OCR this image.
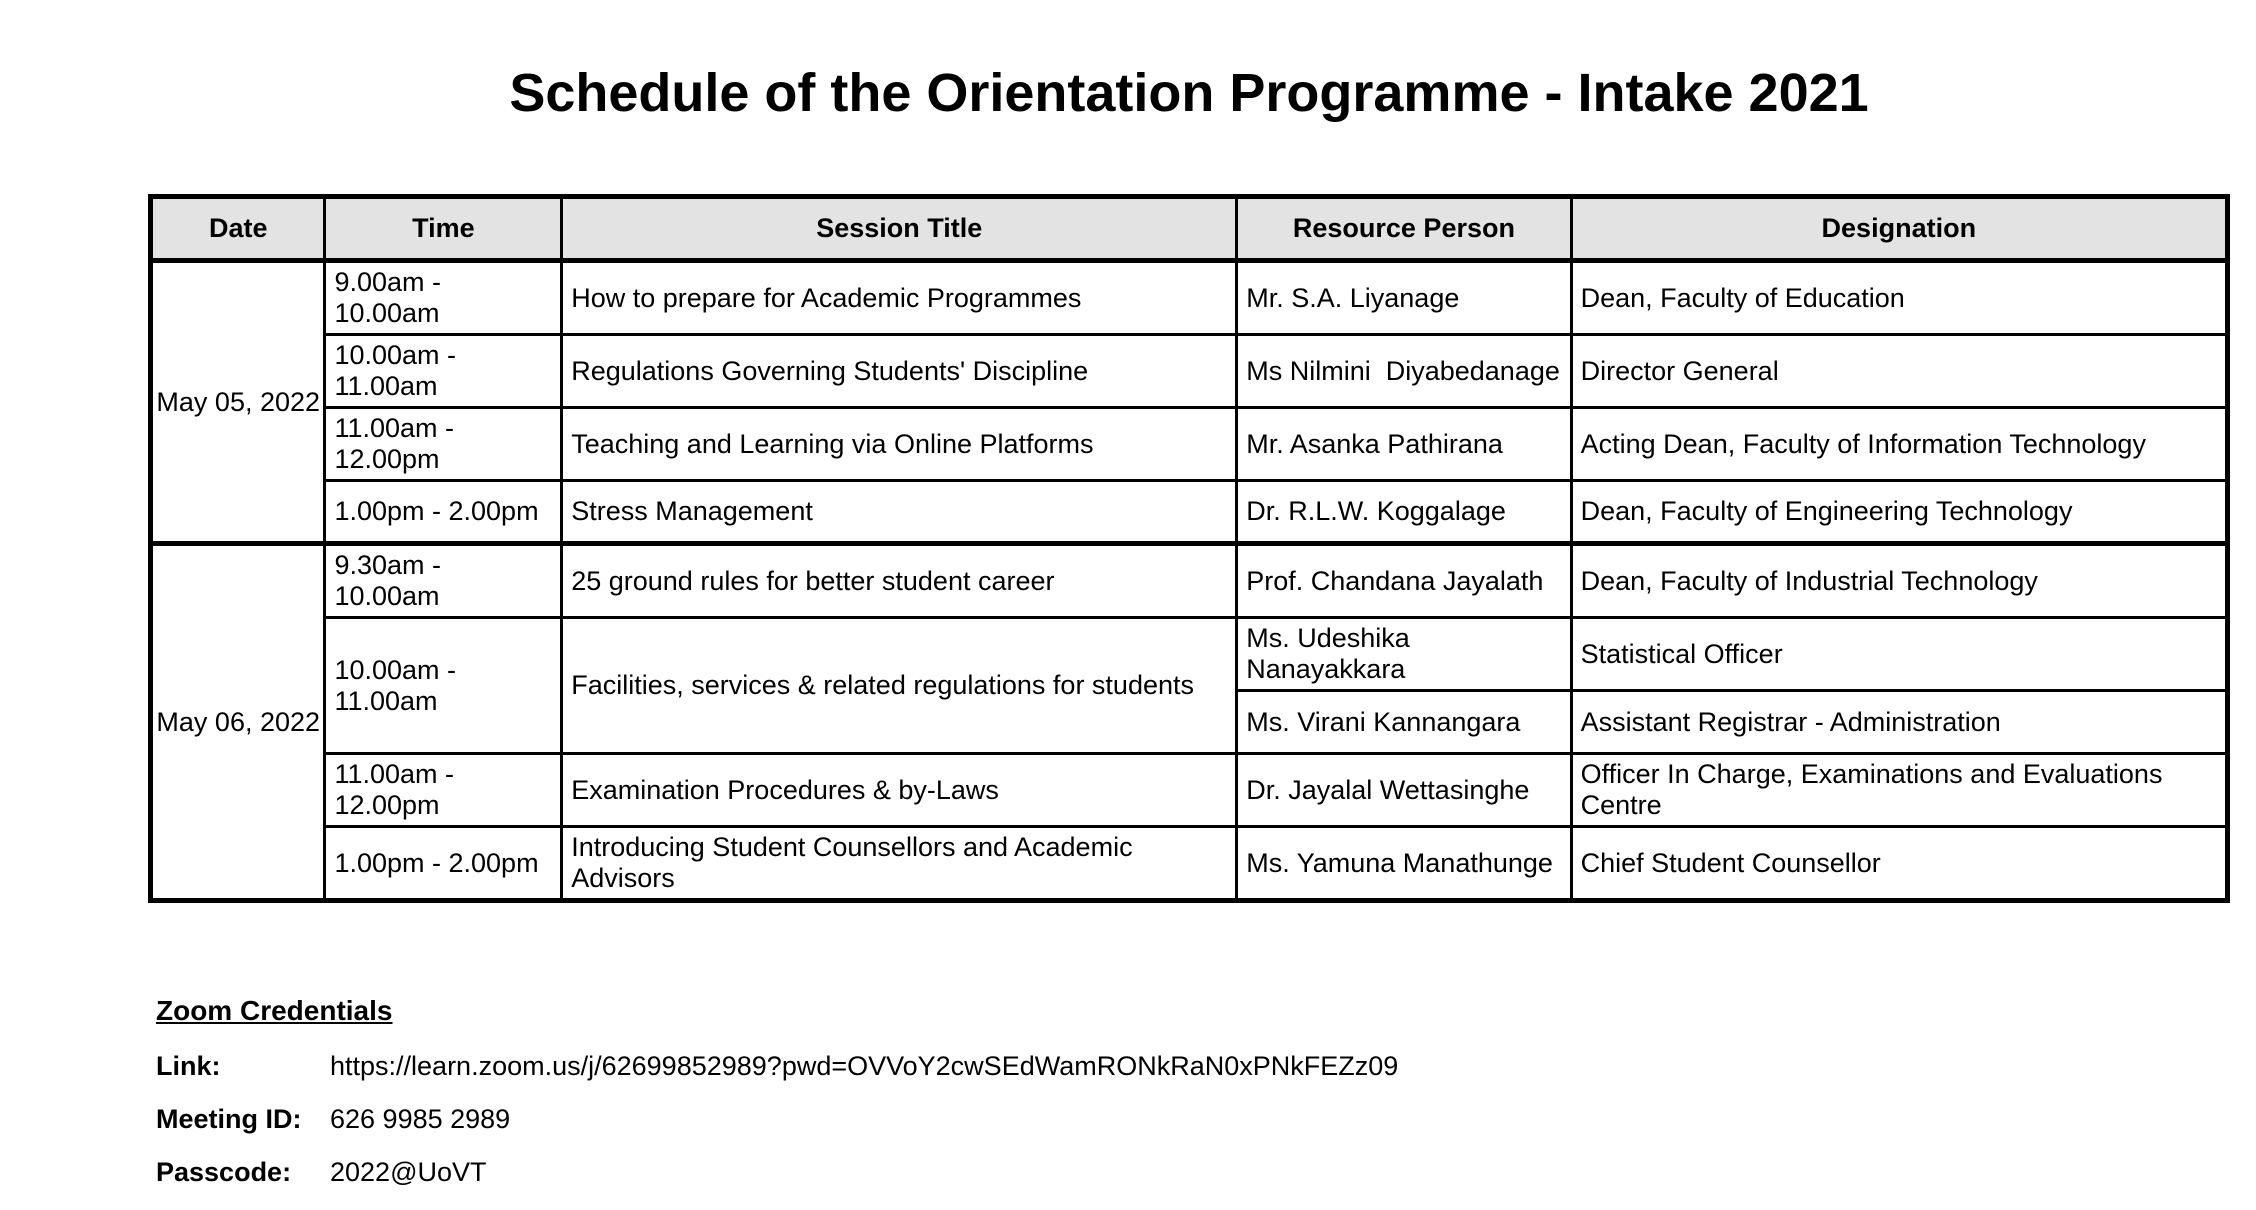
Schedule of the Orientation Programme - Intake 2021
Date	Time	Session Title	Resource Person	Designation
May 05, 2022	9.00am - 10.00am	How to prepare for Academic Programmes	Mr. S.A. Liyanage	Dean, Faculty of Education
	10.00am - 11.00am	Regulations Governing Students' Discipline	Ms Nilmini  Diyabedanage	Director General
	11.00am - 12.00pm	Teaching and Learning via Online Platforms	Mr. Asanka Pathirana	Acting Dean, Faculty of Information Technology
	1.00pm - 2.00pm	Stress Management	Dr. R.L.W. Koggalage	Dean, Faculty of Engineering Technology
May 06, 2022	9.30am - 10.00am	25 ground rules for better student career	Prof. Chandana Jayalath	Dean, Faculty of Industrial Technology
	10.00am - 11.00am	Facilities, services & related regulations for students	Ms. Udeshika Nanayakkara	Statistical Officer
			Ms. Virani Kannangara	Assistant Registrar - Administration
	11.00am - 12.00pm	Examination Procedures & by-Laws	Dr. Jayalal Wettasinghe	Officer In Charge, Examinations and Evaluations Centre
	1.00pm - 2.00pm	Introducing Student Counsellors and Academic Advisors	Ms. Yamuna Manathunge	Chief Student Counsellor
Zoom Credentials
Link:	https://learn.zoom.us/j/62699852989?pwd=OVVoY2cwSEdWamRONkRaN0xPNkFEZz09
Meeting ID:	626 9985 2989
Passcode:	2022@UoVT
